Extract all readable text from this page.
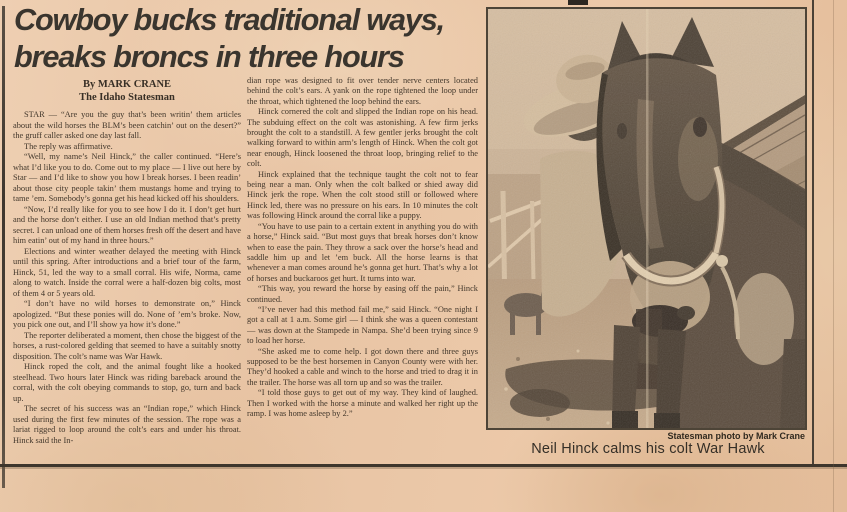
Cowboy bucks traditional ways,
breaks broncs in three hours
By MARK CRANE
The Idaho Statesman

STAR — “Are you the guy that’s been writin’ them articles about the wild horses the BLM’s been catchin’ out on the desert?” the gruff caller asked one day last fall.

The reply was affirmative.

“Well, my name’s Neil Hinck,” the caller continued. “Here’s what I’d like you to do. Come out to my place — I live out here by Star — and I’d like to show you how I break horses. I been readin’ about those city people takin’ them mustangs home and trying to tame ’em. Somebody’s gonna get his head kicked off his shoulders.

“Now, I’d really like for you to see how I do it. I don’t get hurt and the horse don’t either. I use an old Indian method that’s pretty secret. I can unload one of them horses fresh off the desert and have him eatin’ out of my hand in three hours.”

Elections and winter weather delayed the meeting with Hinck until this spring. After introductions and a brief tour of the farm, Hinck, 51, led the way to a small corral. His wife, Norma, came along to watch. Inside the corral were a half-dozen big colts, most of them 4 or 5 years old.

“I don’t have no wild horses to demonstrate on,” Hinck apologized. “But these ponies will do. None of ’em’s broke. Now, you pick one out, and I’ll show ya how it’s done.”

The reporter deliberated a moment, then chose the biggest of the horses, a rust-colored gelding that seemed to have a suitably snotty disposition. The colt’s name was War Hawk.

Hinck roped the colt, and the animal fought like a hooked steelhead. Two hours later Hinck was riding bareback around the corral, with the colt obeying commands to stop, go, turn and back up.

The secret of his success was an “Indian rope,” which Hinck used during the first few minutes of the session. The rope was a lariat rigged to loop around the colt’s ears and under his throat. Hinck said the In-

dian rope was designed to fit over tender nerve centers located behind the colt’s ears. A yank on the rope tightened the loop under the throat, which tightened the loop behind the ears.

Hinck cornered the colt and slipped the Indian rope on his head. The subduing effect on the colt was astonishing. A few firm jerks brought the colt to a standstill. A few gentler jerks brought the colt walking forward to within arm’s length of Hinck. When the colt got near enough, Hinck loosened the throat loop, bringing relief to the colt.

Hinck explained that the technique taught the colt not to fear being near a man. Only when the colt balked or shied away did Hinck jerk the rope. When the colt stood still or followed where Hinck led, there was no pressure on his ears. In 10 minutes the colt was following Hinck around the corral like a puppy.

“You have to use pain to a certain extent in anything you do with a horse,” Hinck said. “But most guys that break horses don’t know when to ease the pain. They throw a sack over the horse’s head and saddle him up and let ’em buck. All the horse learns is that whenever a man comes around he’s gonna get hurt. That’s why a lot of horses and buckaroos get hurt. It turns into war.

“This way, you reward the horse by easing off the pain,” Hinck continued.

“I’ve never had this method fail me,” said Hinck. “One night I got a call at 1 a.m. Some girl — I think she was a queen contestant — was down at the Stampede in Nampa. She’d been trying since 9 to load her horse.

“She asked me to come help. I got down there and three guys supposed to be the best horsemen in Canyon County were with her. They’d hooked a cable and winch to the horse and tried to drag it in the trailer. The horse was all torn up and so was the trailer.

“I told those guys to get out of my way. They kind of laughed. Then I worked with the horse a minute and walked her right up the ramp. I was home asleep by 2.”

Statesman photo by Mark Crane
Neil Hinck calms his colt War Hawk
